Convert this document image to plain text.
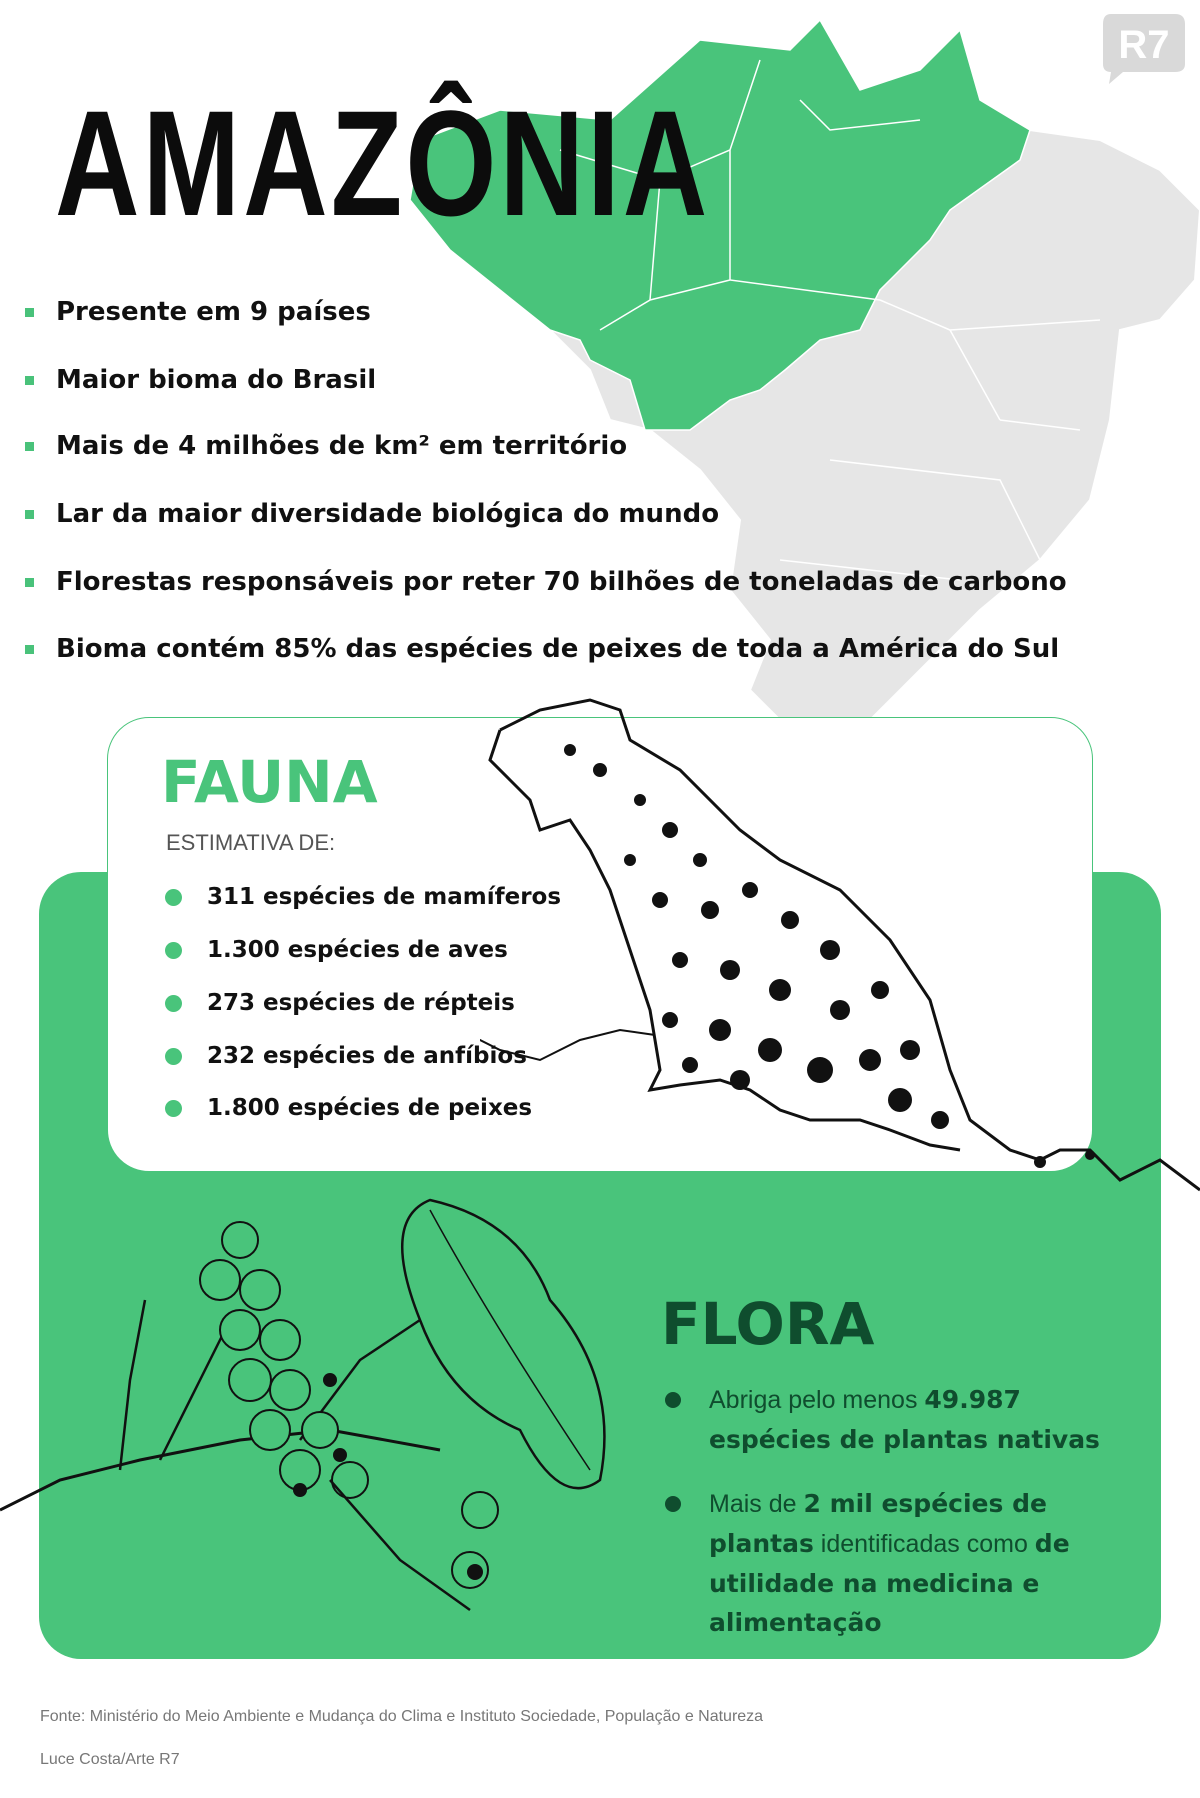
R7
AMAZÔNIA
Presente em 9 países
Maior bioma do Brasil
Mais de 4 milhões de km² em território
Lar da maior diversidade biológica do mundo
Florestas responsáveis por reter 70 bilhões de toneladas de carbono
Bioma contém 85% das espécies de peixes de toda a América do Sul
FAUNA
ESTIMATIVA DE:
311 espécies de mamíferos
1.300 espécies de aves
273 espécies de répteis
232 espécies de anfíbios
1.800 espécies de peixes
FLORA
Abriga pelo menos 49.987 espécies de plantas nativas
Mais de 2 mil espécies de plantas identificadas como de utilidade na medicina e alimentação
Fonte: Ministério do Meio Ambiente e Mudança do Clima e Instituto Sociedade, População e Natureza
Luce Costa/Arte R7
